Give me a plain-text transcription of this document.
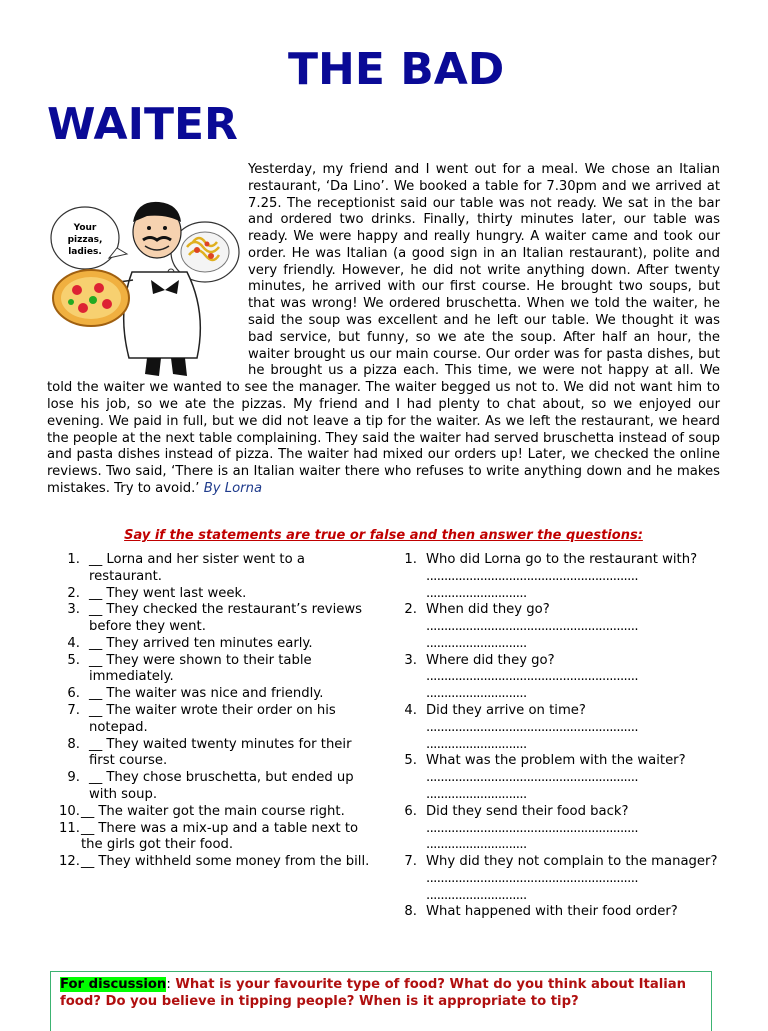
THE BAD
WAITER
Your
pizzas,
ladies.
Yesterday, my friend and I went out for a meal. We chose an Italian restaurant, ‘Da Lino’. We booked a table for 7.30pm and we arrived at 7.25. The receptionist said our table was not ready. We sat in the bar and ordered two drinks. Finally, thirty minutes later, our table was ready. We were happy and really hungry. A waiter came and took our order. He was Italian (a good sign in an Italian restaurant), polite and very friendly. However, he did not write anything down. After twenty minutes, he arrived with our first course. He brought two soups, but that was wrong! We ordered bruschetta. When we told the waiter, he said the soup was excellent and he left our table. We thought it was bad service, but funny, so we ate the soup. After half an hour, the waiter brought us our main course. Our order was for pasta dishes, but he brought us a pizza each. This time, we were not happy at all. We told the waiter we wanted to see the manager. The waiter begged us not to. We did not want him to lose his job, so we ate the pizzas. My friend and I had plenty to chat about, so we enjoyed our evening. We paid in full, but we did not leave a tip for the waiter. As we left the restaurant, we heard the people at the next table complaining. They said the waiter had served bruschetta instead of soup and pasta dishes instead of pizza. The waiter had mixed our orders up! Later, we checked the online reviews. Two said, ‘There is an Italian waiter there who refuses to write anything down and he makes mistakes. Try to avoid.’ By Lorna
Say if the statements are true or false and then answer the questions:
1. __ Lorna and her sister went to a restaurant.
2. __ They went last week.
3. __ They checked the restaurant’s reviews before they went.
4. __ They arrived ten minutes early.
5. __ They were shown to their table immediately.
6. __ The waiter was nice and friendly.
7. __ The waiter wrote their order on his notepad.
8. __ They waited twenty minutes for their first course.
9. __ They chose bruschetta, but ended up with soup.
10. __ The waiter got the main course right.
11. __ There was a mix-up and a table next to the girls got their food.
12. __ They withheld some money from the bill.
1. Who did Lorna go to the restaurant with?
...........................................................
............................
2. When did they go?
...........................................................
............................
3. Where did they go?
...........................................................
............................
4. Did they arrive on time?
...........................................................
............................
5. What was the problem with the waiter?
...........................................................
............................
6. Did they send their food back?
...........................................................
............................
7. Why did they not complain to the manager?
...........................................................
............................
8. What happened with their food order?
For discussion: What is your favourite type of food? What do you think about Italian food? Do you believe in tipping people? When is it appropriate to tip?
